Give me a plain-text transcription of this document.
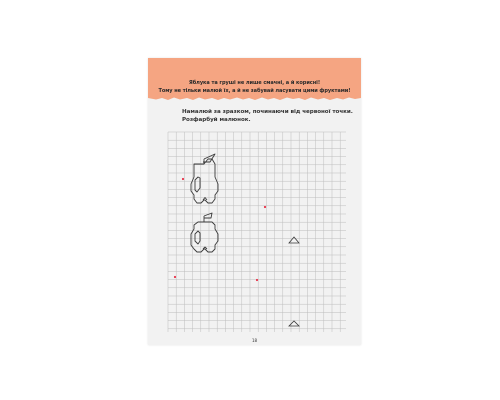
Яблука та груші не лише смачні, а й корисні!
Тому не тільки малюй їх, а й не забувай ласувати цими фруктами!
Намалюй за зразком, починаючи від червоної точки.
Розфарбуй малюнок.
18
